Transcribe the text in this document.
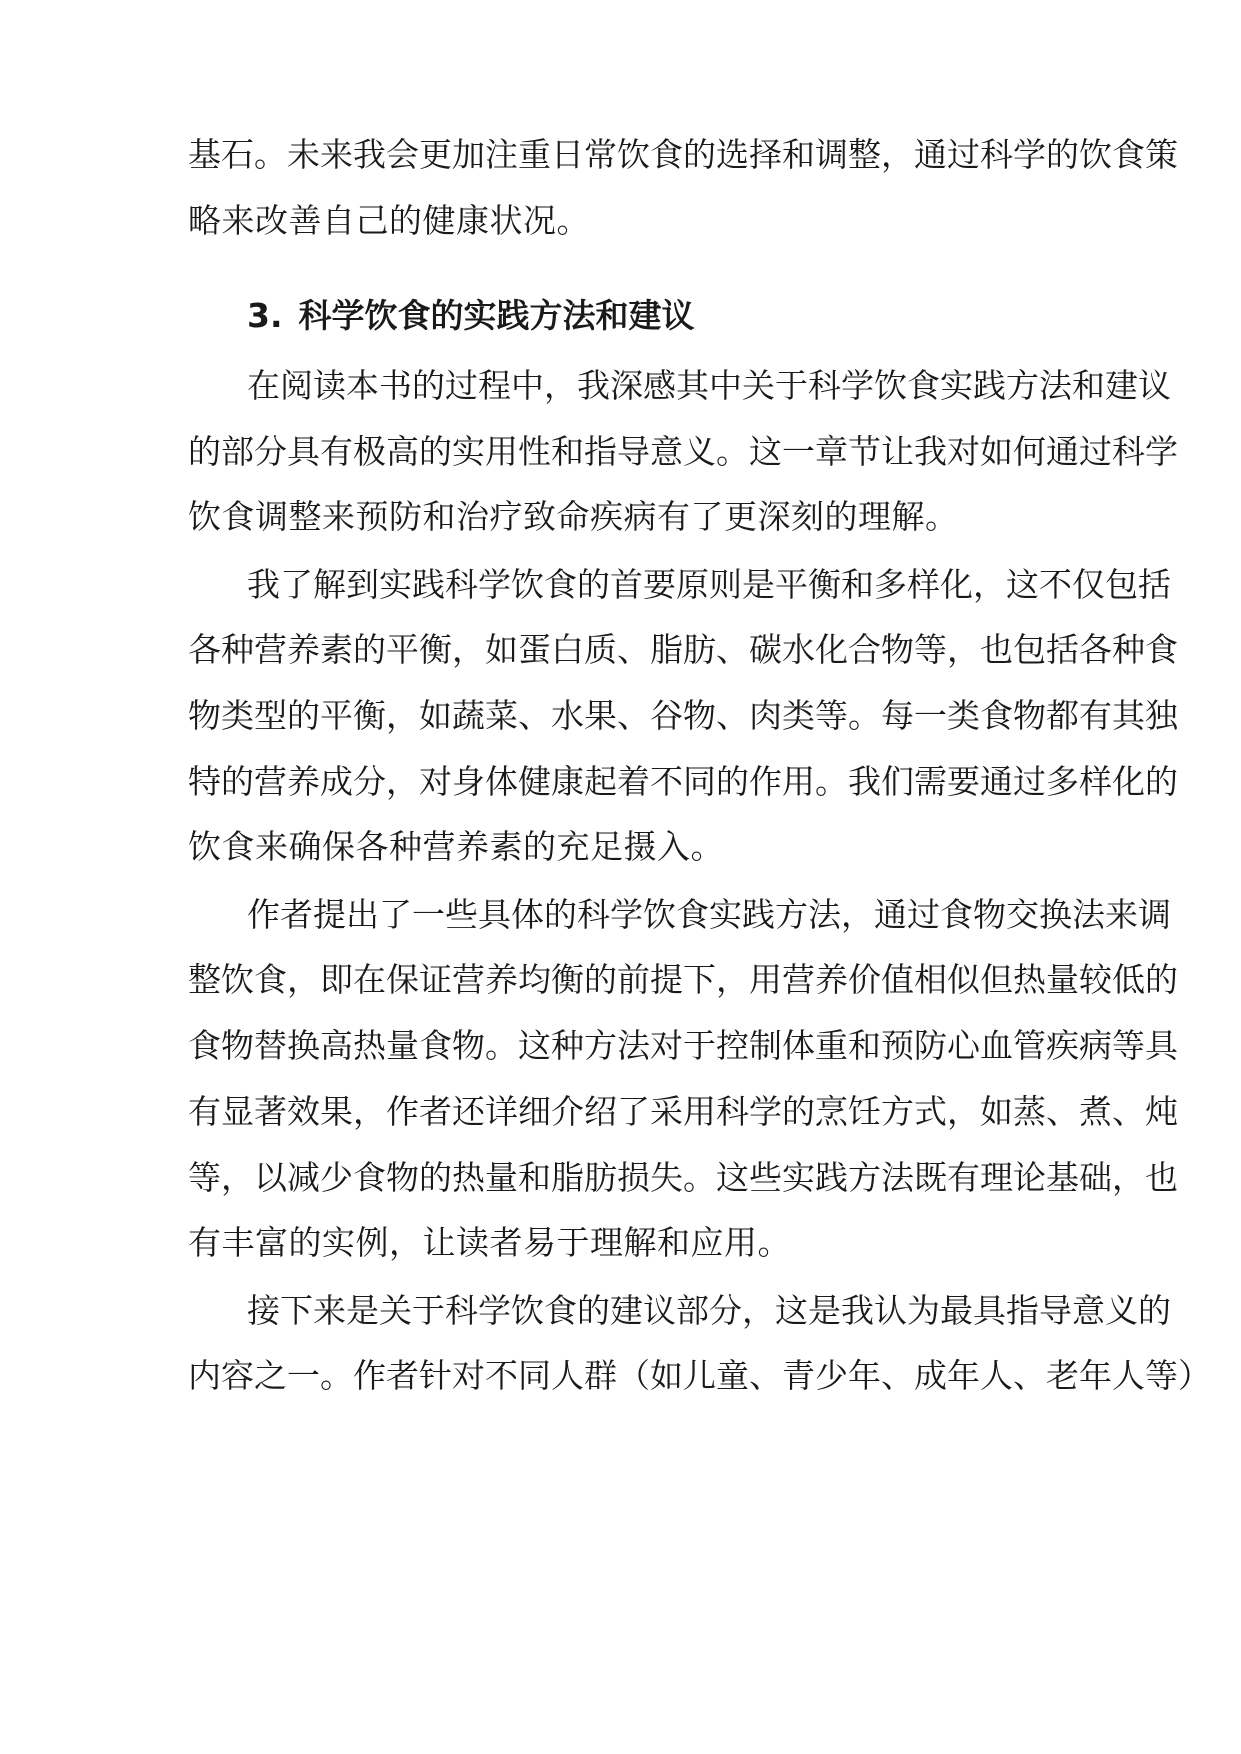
基石。未来我会更加注重日常饮食的选择和调整，通过科学的饮食策
略来改善自己的健康状况。
3. 科学饮食的实践方法和建议
在阅读本书的过程中，我深感其中关于科学饮食实践方法和建议
的部分具有极高的实用性和指导意义。这一章节让我对如何通过科学
饮食调整来预防和治疗致命疾病有了更深刻的理解。
我了解到实践科学饮食的首要原则是平衡和多样化，这不仅包括
各种营养素的平衡，如蛋白质、脂肪、碳水化合物等，也包括各种食
物类型的平衡，如蔬菜、水果、谷物、肉类等。每一类食物都有其独
特的营养成分，对身体健康起着不同的作用。我们需要通过多样化的
饮食来确保各种营养素的充足摄入。
作者提出了一些具体的科学饮食实践方法，通过食物交换法来调
整饮食，即在保证营养均衡的前提下，用营养价值相似但热量较低的
食物替换高热量食物。这种方法对于控制体重和预防心血管疾病等具
有显著效果，作者还详细介绍了采用科学的烹饪方式，如蒸、煮、炖
等，以减少食物的热量和脂肪损失。这些实践方法既有理论基础，也
有丰富的实例，让读者易于理解和应用。
接下来是关于科学饮食的建议部分，这是我认为最具指导意义的
内容之一。作者针对不同人群（如儿童、青少年、成年人、老年人等）
